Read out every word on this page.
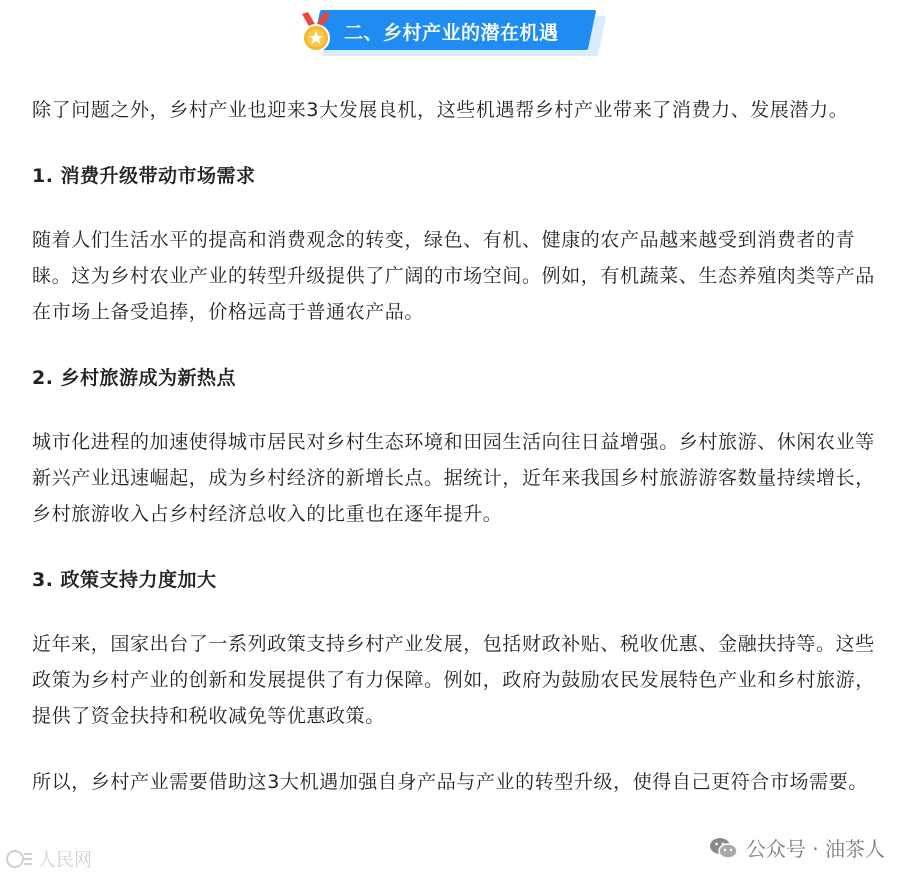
二、乡村产业的潜在机遇

除了问题之外，乡村产业也迎来3大发展良机，这些机遇帮乡村产业带来了消费力、发展潜力。

1. 消费升级带动市场需求

随着人们生活水平的提高和消费观念的转变，绿色、有机、健康的农产品越来越受到消费者的青睐。这为乡村农业产业的转型升级提供了广阔的市场空间。例如，有机蔬菜、生态养殖肉类等产品在市场上备受追捧，价格远高于普通农产品。

2. 乡村旅游成为新热点

城市化进程的加速使得城市居民对乡村生态环境和田园生活向往日益增强。乡村旅游、休闲农业等新兴产业迅速崛起，成为乡村经济的新增长点。据统计，近年来我国乡村旅游游客数量持续增长，乡村旅游收入占乡村经济总收入的比重也在逐年提升。

3. 政策支持力度加大

近年来，国家出台了一系列政策支持乡村产业发展，包括财政补贴、税收优惠、金融扶持等。这些政策为乡村产业的创新和发展提供了有力保障。例如，政府为鼓励农民发展特色产业和乡村旅游，提供了资金扶持和税收减免等优惠政策。

所以，乡村产业需要借助这3大机遇加强自身产品与产业的转型升级，使得自己更符合市场需要。

公众号 · 油茶人
人民网
